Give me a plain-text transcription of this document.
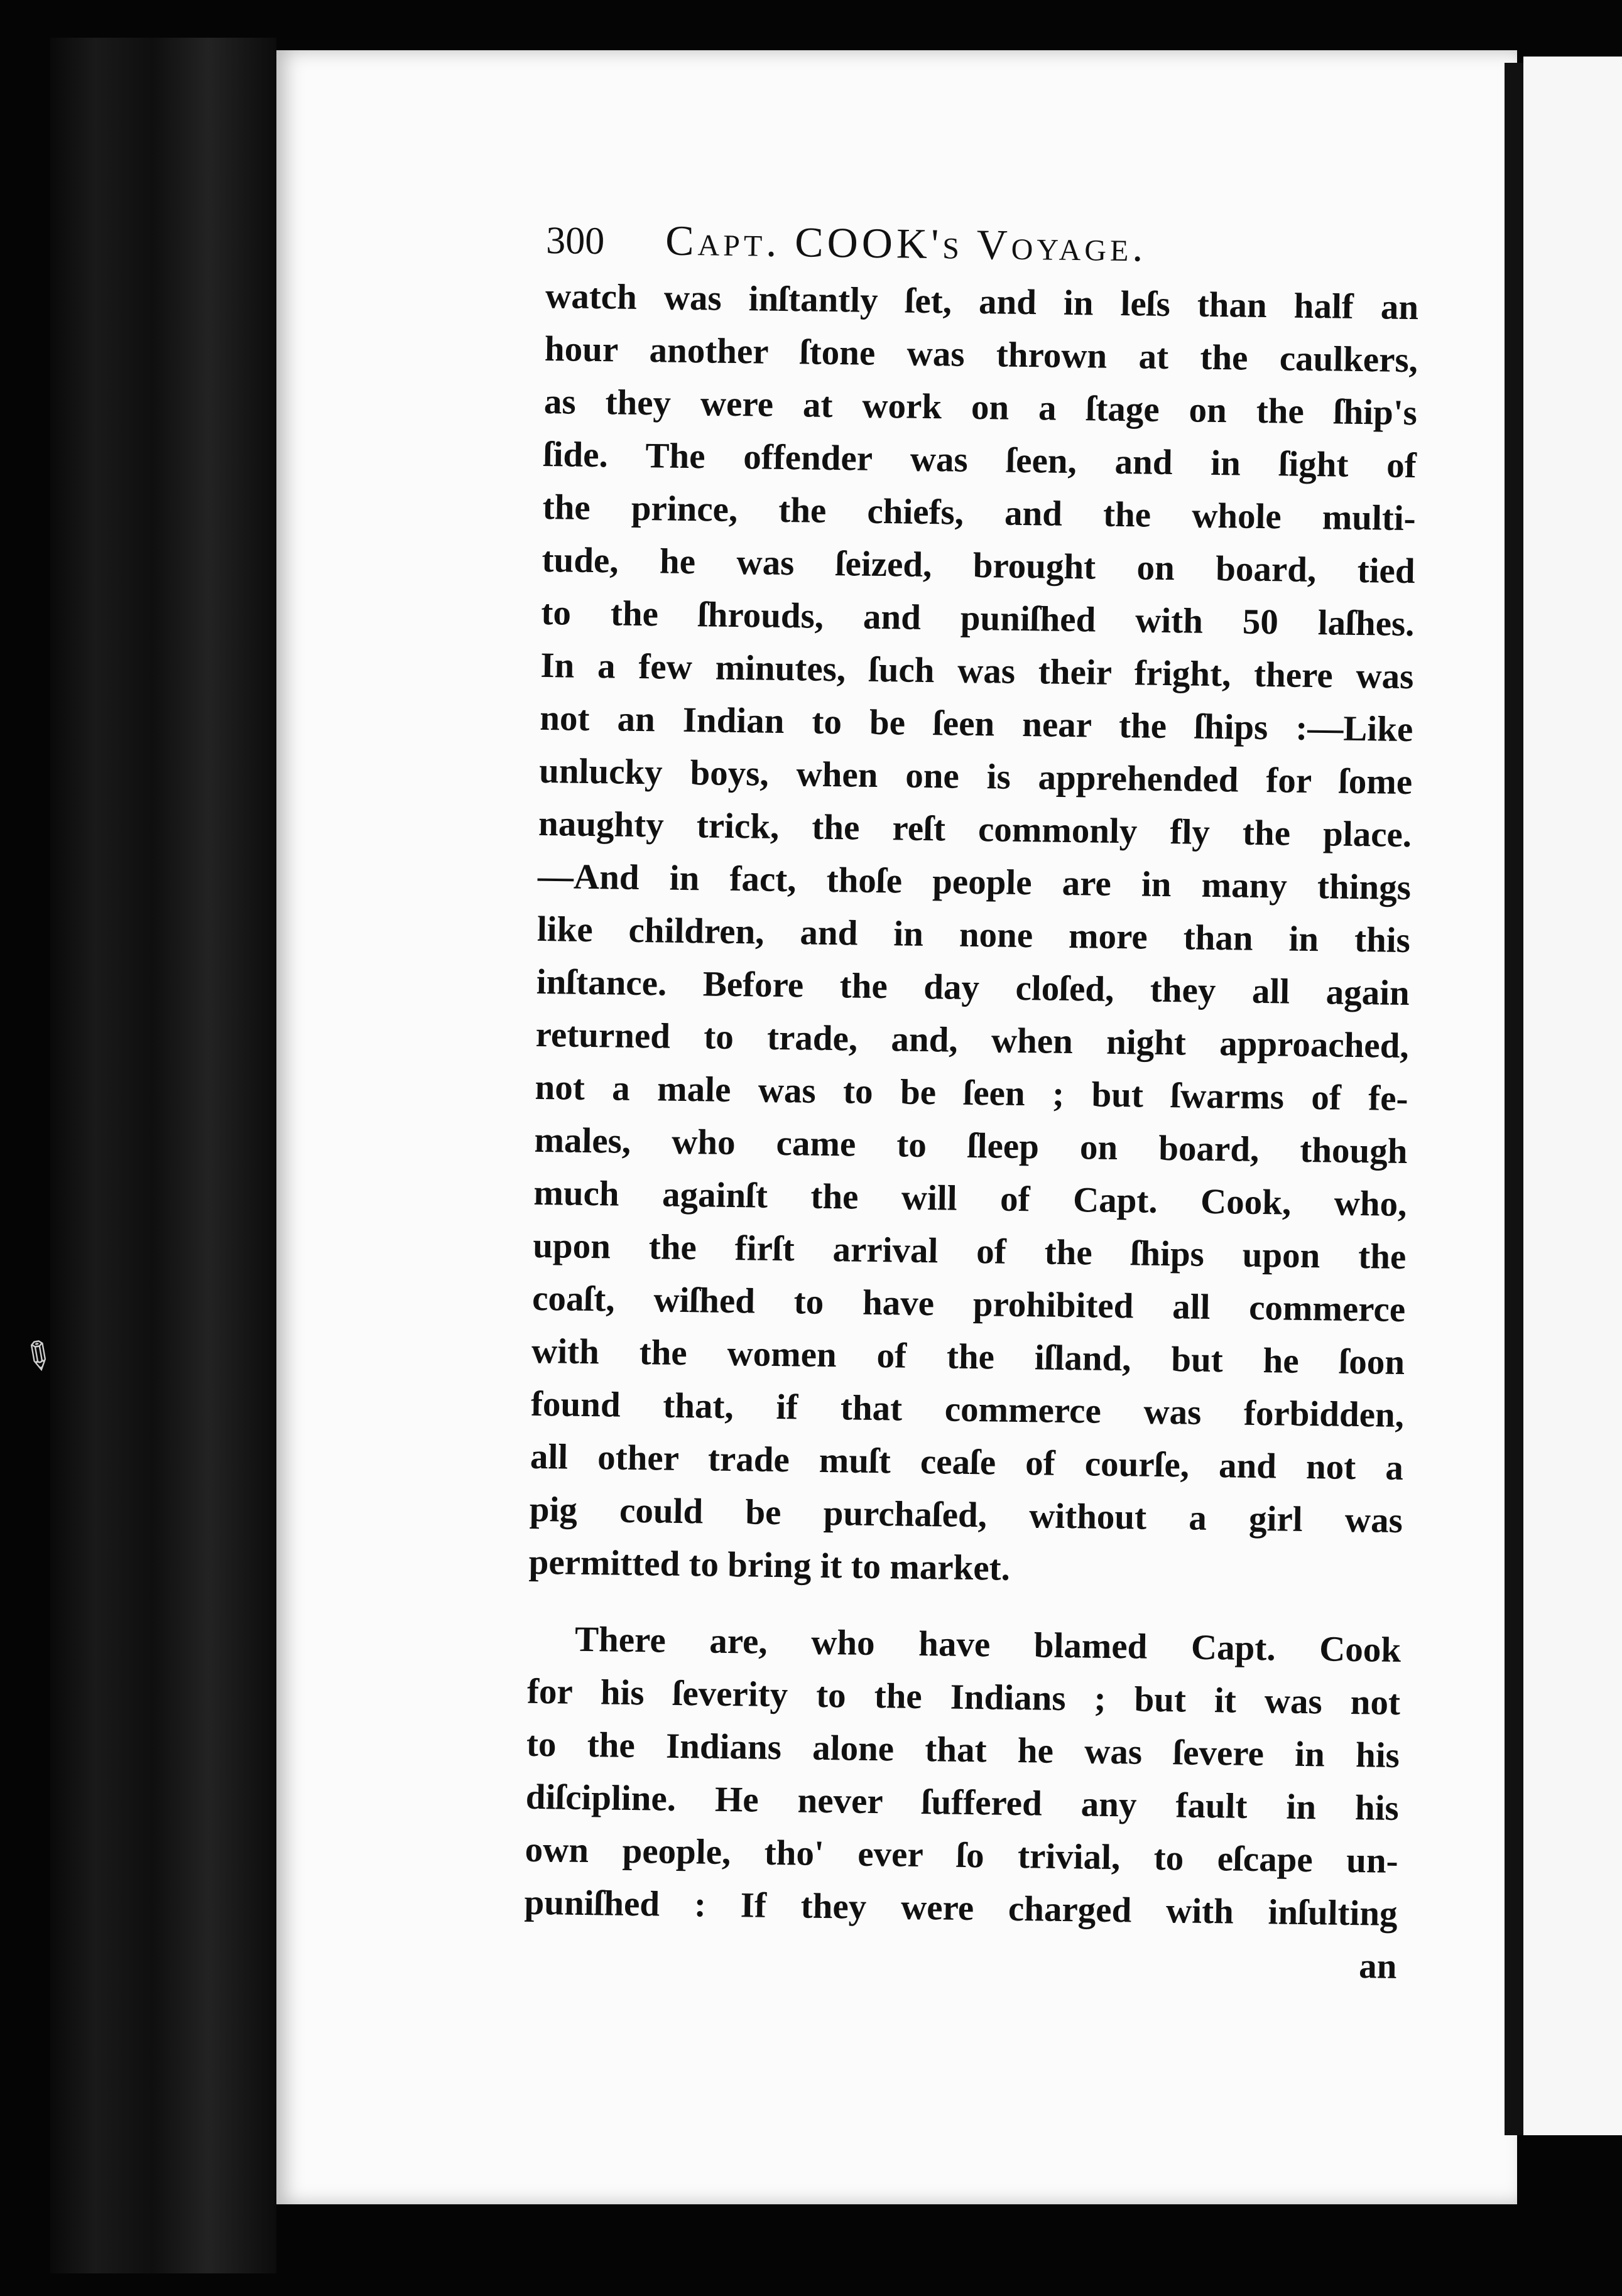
✎
300	Capt. COOK's Voyage.
watch was inſtantly ſet, and in leſs than half an
hour another ſtone was thrown at the caulkers,
as they were at work on a ſtage on the ſhip's
ſide. The offender was ſeen, and in ſight of
the prince, the chiefs, and the whole multi-
tude, he was ſeized, brought on board, tied
to the ſhrouds, and puniſhed with 50 laſhes.
In a few minutes, ſuch was their fright, there was
not an Indian to be ſeen near the ſhips :—Like
unlucky boys, when one is apprehended for ſome
naughty trick, the reſt commonly fly the place.
—And in fact, thoſe people are in many things
like children, and in none more than in this
inſtance. Before the day cloſed, they all again
returned to trade, and, when night approached,
not a male was to be ſeen ; but ſwarms of fe-
males, who came to ſleep on board, though
much againſt the will of Capt. Cook, who,
upon the firſt arrival of the ſhips upon the
coaſt, wiſhed to have prohibited all commerce
with the women of the iſland, but he ſoon
found that, if that commerce was forbidden,
all other trade muſt ceaſe of courſe, and not a
pig could be purchaſed, without a girl was
permitted to bring it to market.
There are, who have blamed Capt. Cook
for his ſeverity to the Indians ; but it was not
to the Indians alone that he was ſevere in his
diſcipline. He never ſuffered any fault in his
own people, tho' ever ſo trivial, to eſcape un-
puniſhed : If they were charged with inſulting
an
